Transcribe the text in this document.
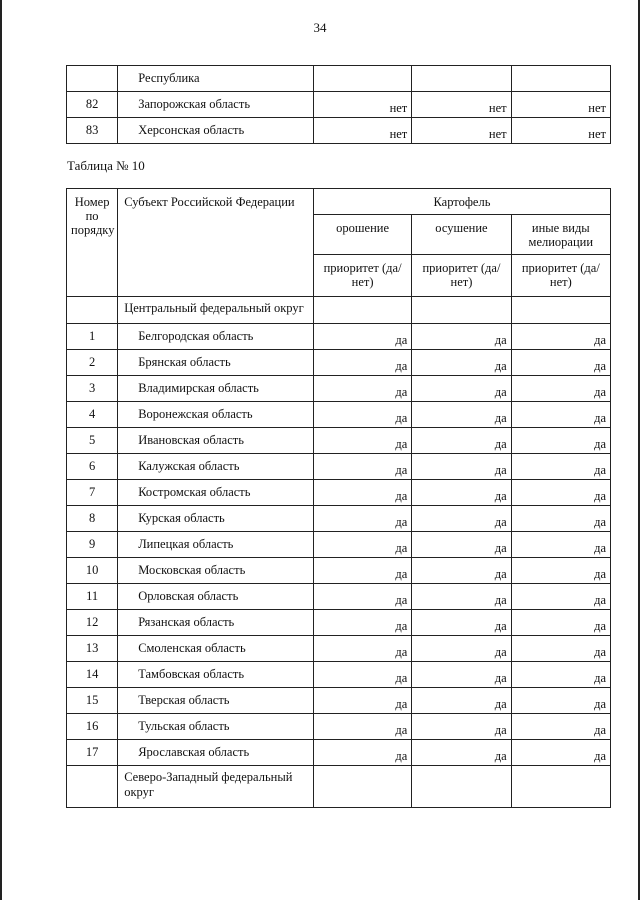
34
	Республика			
82	Запорожская область	нет	нет	нет
83	Херсонская область	нет	нет	нет
Таблица № 10
Номер по порядку	Субъект Российской Федерации	Картофель		
		орошение	осушение	иные виды мелиорации
		приоритет (да/нет)	приоритет (да/нет)	приоритет (да/нет)
	Центральный федеральный округ			
1	Белгородская область	да	да	да
2	Брянская область	да	да	да
3	Владимирская область	да	да	да
4	Воронежская область	да	да	да
5	Ивановская область	да	да	да
6	Калужская область	да	да	да
7	Костромская область	да	да	да
8	Курская область	да	да	да
9	Липецкая область	да	да	да
10	Московская область	да	да	да
11	Орловская область	да	да	да
12	Рязанская область	да	да	да
13	Смоленская область	да	да	да
14	Тамбовская область	да	да	да
15	Тверская область	да	да	да
16	Тульская область	да	да	да
17	Ярославская область	да	да	да
	Северо-Западный федеральный округ			
